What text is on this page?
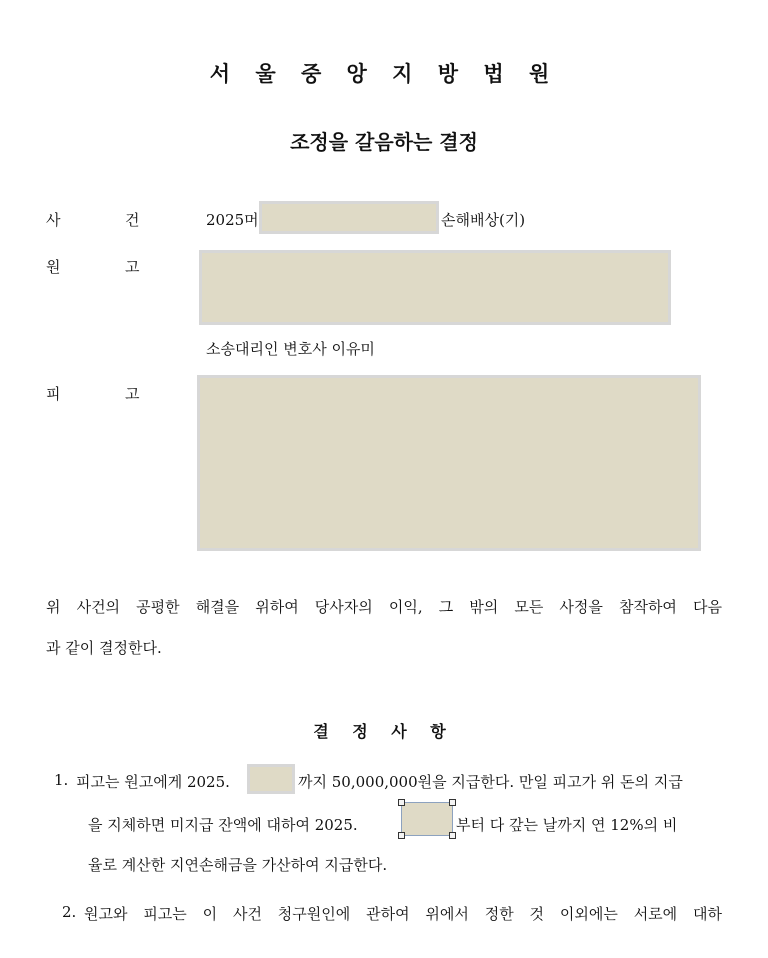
서 울 중 앙 지 방 법 원
조정을 갈음하는 결정
사	건	2025머	손해배상(기)
원	고
소송대리인 변호사 이유미
피	고
위 사건의 공평한 해결을 위하여 당사자의 이익, 그 밖의 모든 사정을 참작하여 다음
과 같이 결정한다.
결 정 사 항
1. 피고는 원고에게 2025.	까지 50,000,000원을 지급한다. 만일 피고가 위 돈의 지급
을 지체하면 미지급 잔액에 대하여 2025.	부터 다 갚는 날까지 연 12%의 비
율로 계산한 지연손해금을 가산하여 지급한다.
2. 원고와 피고는 이 사건 청구원인에 관하여 위에서 정한 것 이외에는 서로에 대하
